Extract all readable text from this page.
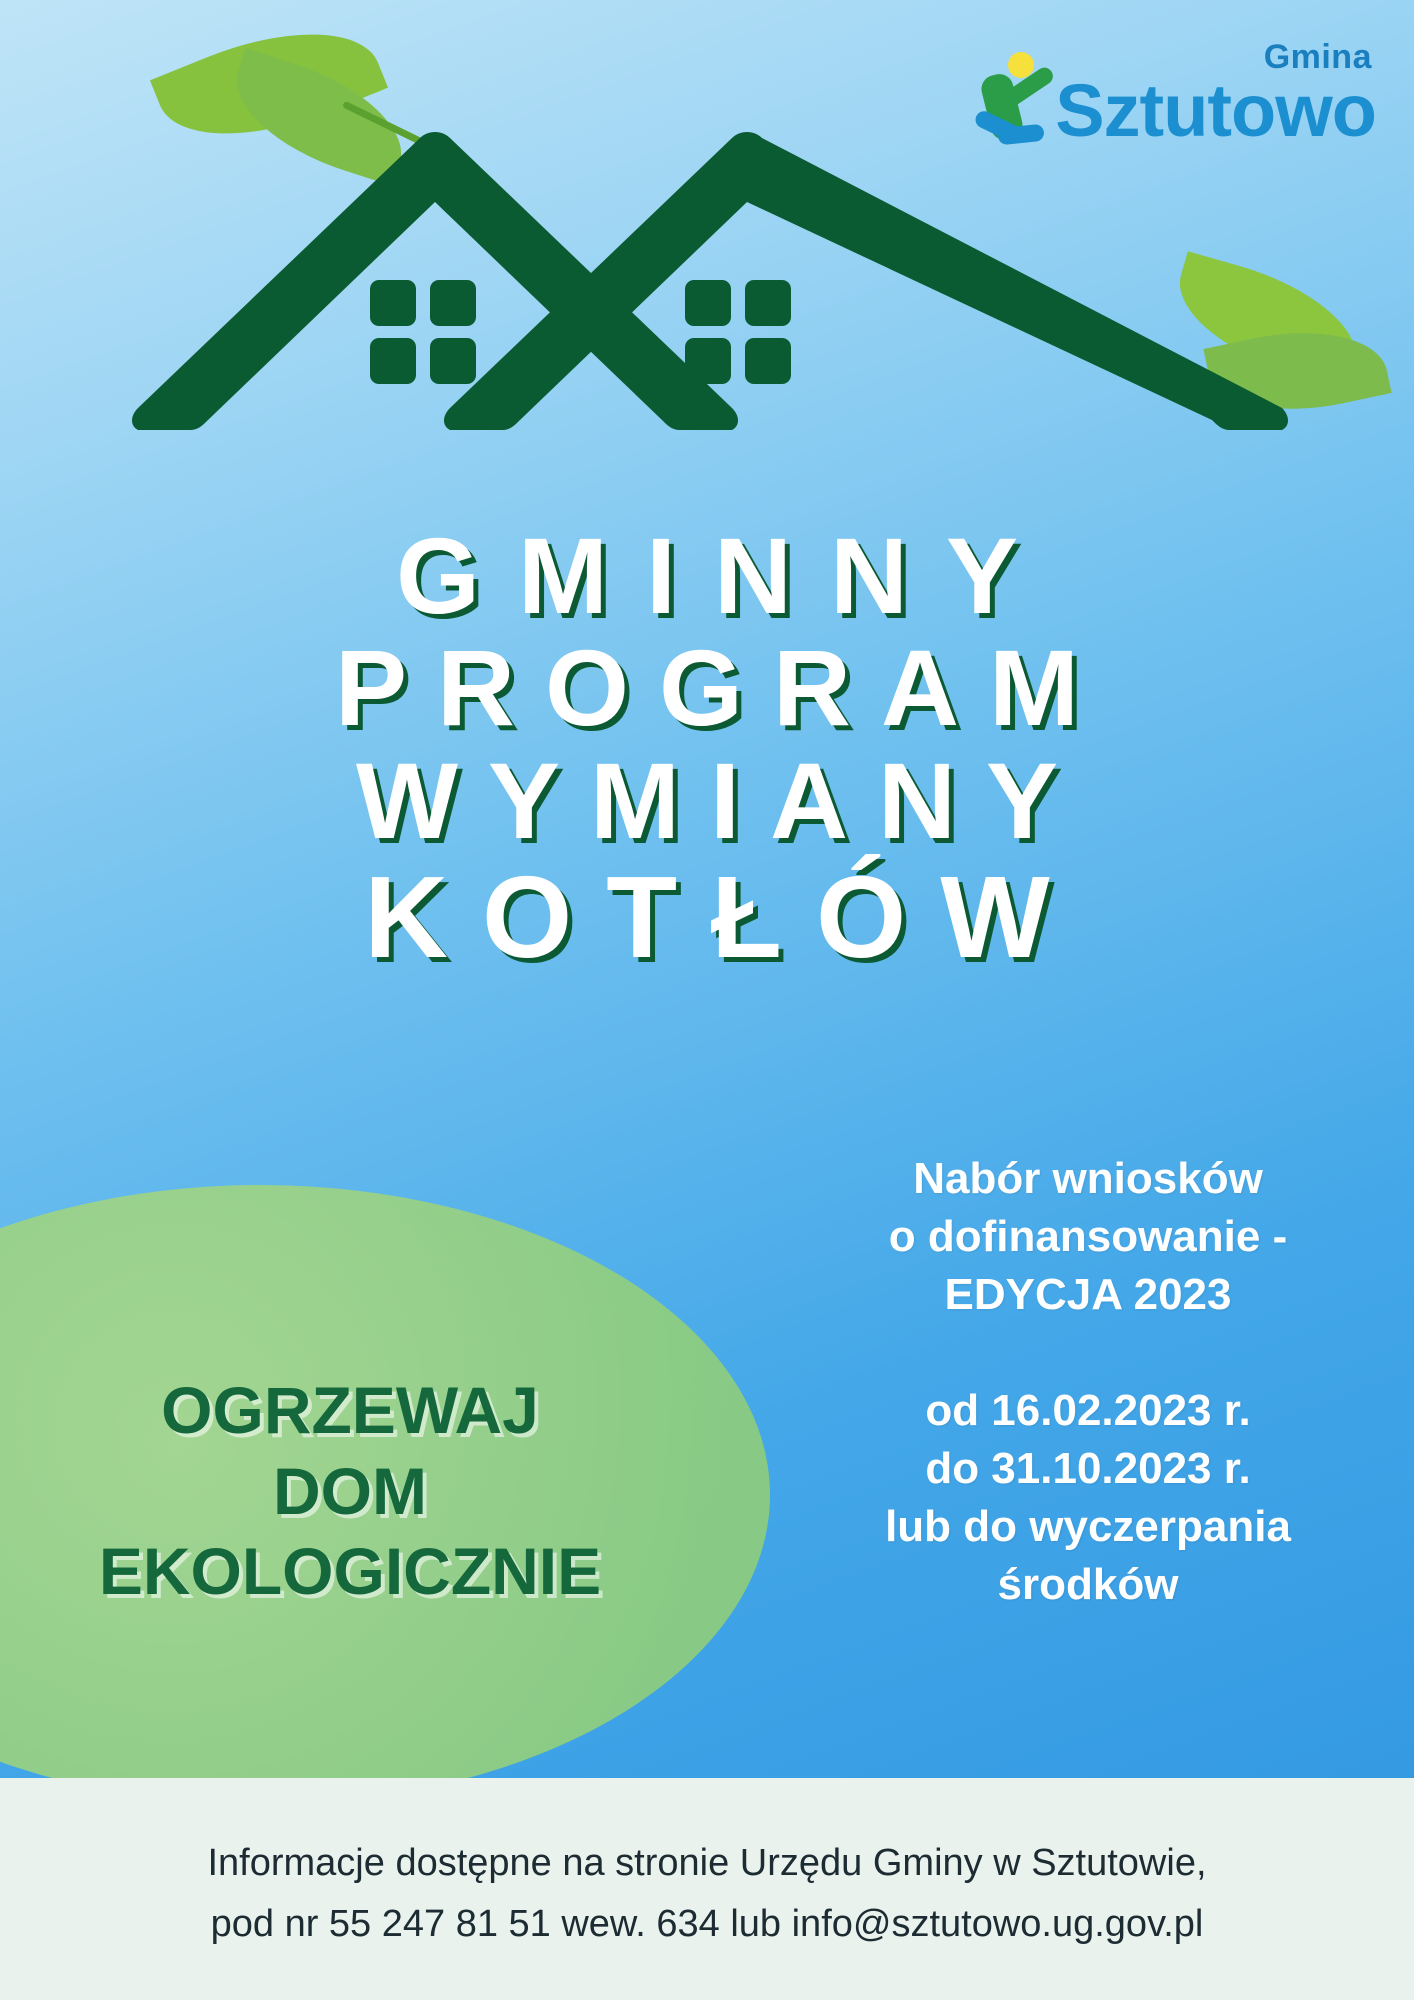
Gmina
Sztutowo
GMINNY
PROGRAM
WYMIANY
KOTŁÓW
Nabór wniosków
o dofinansowanie -
EDYCJA 2023
od 16.02.2023 r.
do 31.10.2023 r.
lub do wyczerpania
środków
OGRZEWAJ
DOM
EKOLOGICZNIE
Informacje dostępne na stronie Urzędu Gminy w Sztutowie,
pod nr 55 247 81 51 wew. 634 lub info@sztutowo.ug.gov.pl
